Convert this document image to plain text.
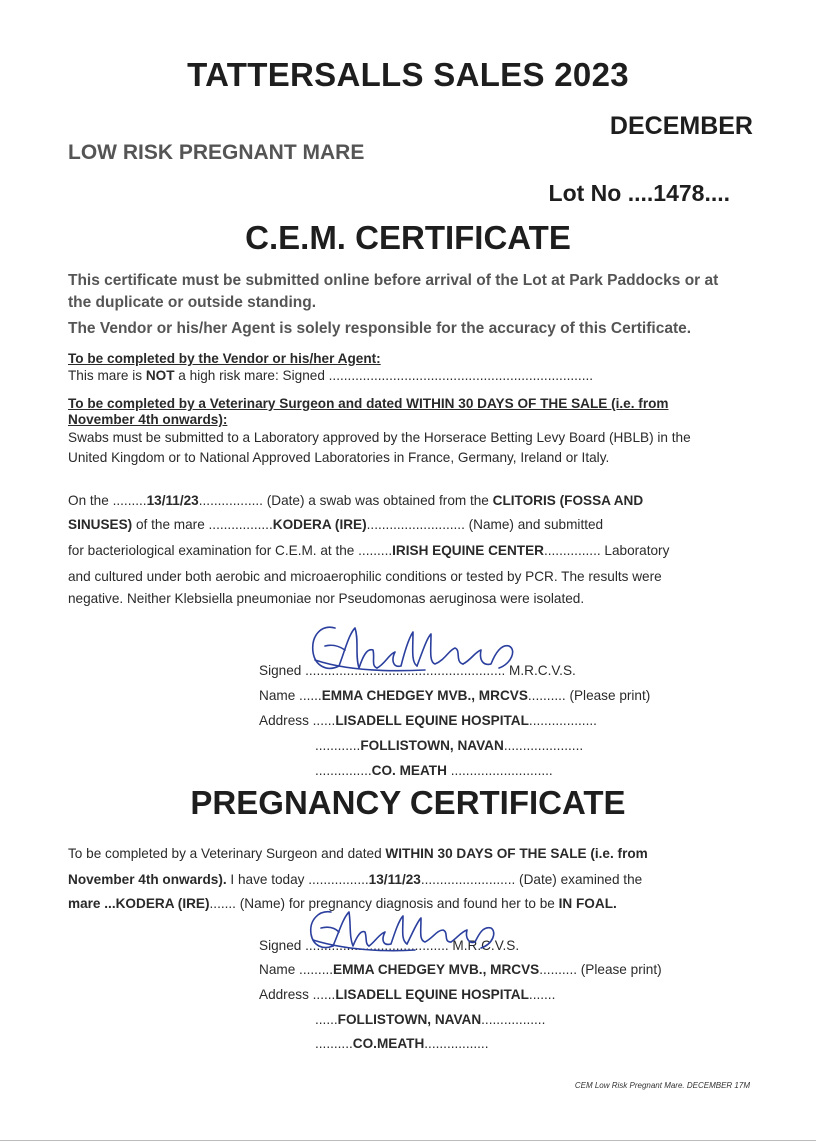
TATTERSALLS SALES 2023
DECEMBER
LOW RISK PREGNANT MARE
Lot No ....1478....
C.E.M. CERTIFICATE
This certificate must be submitted online before arrival of the Lot at Park Paddocks or at
the duplicate or outside standing.
The Vendor or his/her Agent is solely responsible for the accuracy of this Certificate.
To be completed by the Vendor or his/her Agent:
This mare is NOT a high risk mare: Signed ......................................................................
To be completed by a Veterinary Surgeon and dated WITHIN 30 DAYS OF THE SALE (i.e. from
November 4th onwards):
Swabs must be submitted to a Laboratory approved by the Horserace Betting Levy Board (HBLB) in the
United Kingdom or to National Approved Laboratories in France, Germany, Ireland or Italy.
On the .........13/11/23................. (Date) a swab was obtained from the CLITORIS (FOSSA AND
SINUSES) of the mare .................KODERA (IRE).......................... (Name) and submitted
for bacteriological examination for C.E.M. at the .........IRISH EQUINE CENTER............... Laboratory
and cultured under both aerobic and microaerophilic conditions or tested by PCR. The results were
negative. Neither Klebsiella pneumoniae nor Pseudomonas aeruginosa were isolated.
Signed ..................................................... M.R.C.V.S.
Name ......EMMA CHEDGEY MVB., MRCVS.......... (Please print)
Address ......LISADELL EQUINE HOSPITAL..................
............FOLLISTOWN, NAVAN.....................
...............CO. MEATH ...........................
PREGNANCY CERTIFICATE
To be completed by a Veterinary Surgeon and dated WITHIN 30 DAYS OF THE SALE (i.e. from
November 4th onwards). I have today ................13/11/23......................... (Date) examined the
mare ...KODERA (IRE)....... (Name) for pregnancy diagnosis and found her to be IN FOAL.
Signed ...................................... M.R.C.V.S.
Name .........EMMA CHEDGEY MVB., MRCVS.......... (Please print)
Address ......LISADELL EQUINE HOSPITAL.......
......FOLLISTOWN, NAVAN.................
..........CO.MEATH.................
CEM Low Risk Pregnant Mare. DECEMBER 17M
